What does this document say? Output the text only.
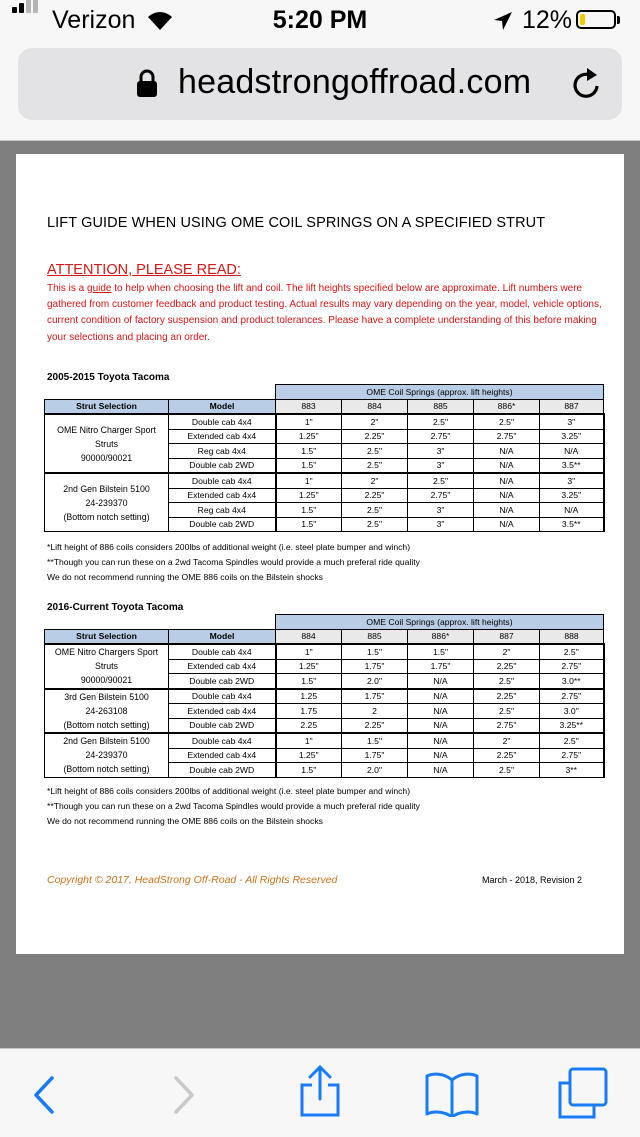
Verizon	5:20 PM	12%
headstrongoffroad.com
LIFT GUIDE WHEN USING OME COIL SPRINGS ON A SPECIFIED STRUT
ATTENTION, PLEASE READ:
This is a guide to help when choosing the lift and coil. The lift heights specified below are approximate. Lift numbers were gathered from customer feedback and product testing. Actual results may vary depending on the year, model, vehicle options, current condition of factory suspension and product tolerances. Please have a complete understanding of this before making your selections and placing an order.
2005-2015 Toyota Tacoma
		OME Coil Springs (approx. lift heights)				
Strut Selection	Model	883	884	885	886*	887

OME Nitro Charger Sport
Struts
90000/90021	Double cab 4x4	1"	2"	2.5"	2.5"	3"
	Extended cab 4x4	1.25"	2.25"	2.75"	2.75"	3.25"
	Reg cab 4x4	1.5"	2.5"	3"	N/A	N/A
	Double cab 2WD	1.5"	2.5"	3"	N/A	3.5**

2nd Gen Bilstein 5100
24-239370
(Bottom notch setting)	Double cab 4x4	1"	2"	2.5"	N/A	3"
	Extended cab 4x4	1.25"	2.25"	2.75"	N/A	3.25"
	Reg cab 4x4	1.5"	2.5"	3"	N/A	N/A
	Double cab 2WD	1.5"	2.5"	3"	N/A	3.5**
*Lift height of 886 coils considers 200lbs of additional weight (i.e. steel plate bumper and winch)
**Though you can run these on a 2wd Tacoma Spindles would provide a much preferal ride quality
We do not recommend running the OME 886 coils on the Bilstein shocks
2016-Current Toyota Tacoma
		OME Coil Springs (approx. lift heights)				
Strut Selection	Model	884	885	886*	887	888

OME Nitro Chargers Sport
Struts
90000/90021	Double cab 4x4	1"	1.5"	1.5"	2"	2.5"
	Extended cab 4x4	1.25"	1.75"	1.75"	2.25"	2.75"
	Double cab 2WD	1.5"	2.0"	N/A	2.5"	3.0**

3rd Gen Bilstein 5100
24-263108
(Bottom notch setting)	Double cab 4x4	1.25	1.75"	N/A	2.25"	2.75"
	Extended cab 4x4	1.75	2	N/A	2.5"	3.0"
	Double cab 2WD	2.25	2.25"	N/A	2.75"	3.25**

2nd Gen Bilstein 5100
24-239370
(Bottom notch setting)	Double cab 4x4	1"	1.5"	N/A	2"	2.5"
	Extended cab 4x4	1.25"	1.75"	N/A	2.25"	2.75"
	Double cab 2WD	1.5"	2.0"	N/A	2.5"	3**
*Lift height of 886 coils considers 200lbs of additional weight (i.e. steel plate bumper and winch)
**Though you can run these on a 2wd Tacoma Spindles would provide a much preferal ride quality
We do not recommend running the OME 886 coils on the Bilstein shocks
Copyright © 2017, HeadStrong Off-Road - All Rights Reserved	March - 2018, Revision 2
